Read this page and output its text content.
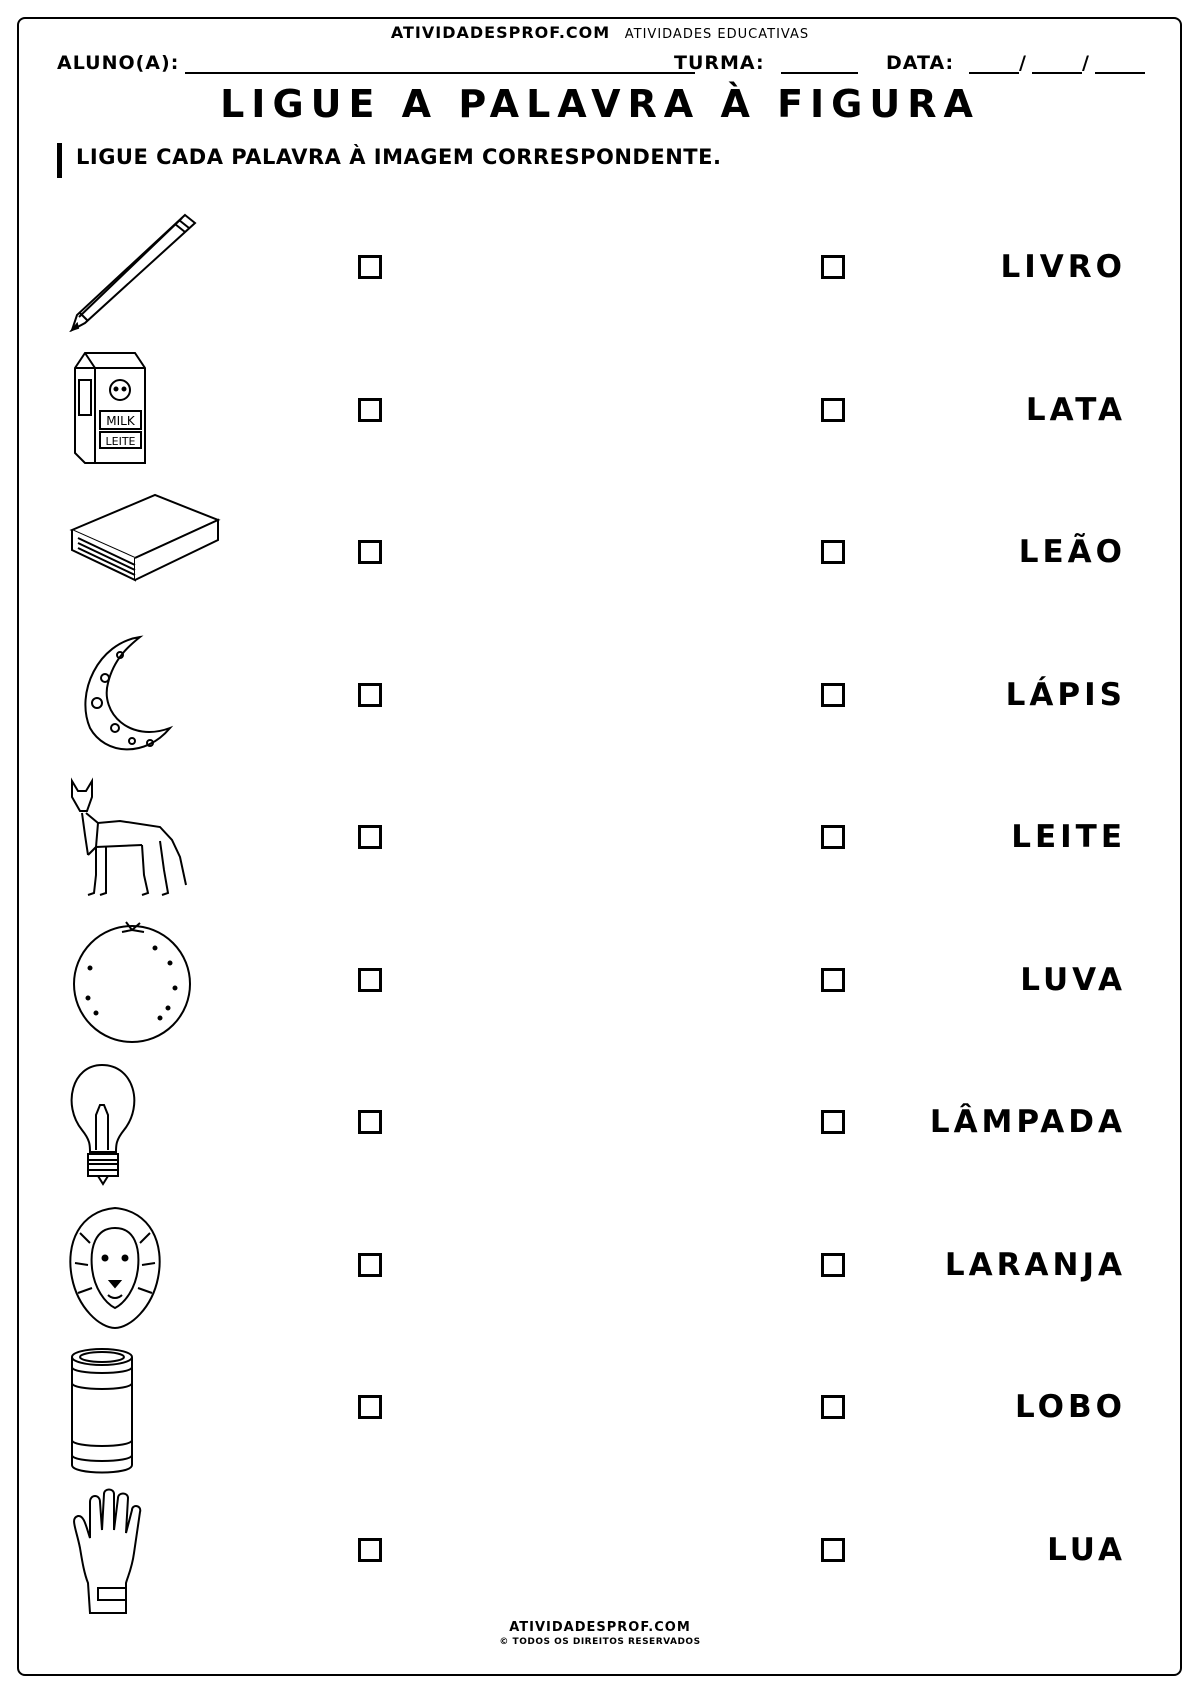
ATIVIDADESPROF.COM ATIVIDADES EDUCATIVAS
ALUNO(A):	TURMA:	DATA:	/	/
LIGUE A PALAVRA À FIGURA
LIGUE CADA PALAVRA À IMAGEM CORRESPONDENTE.
LIVRO
MILK
LEITE
LATA
LEÃO
LÁPIS
LEITE
LUVA
LÂMPADA
LARANJA
LOBO
LUA
ATIVIDADESPROF.COM
© TODOS OS DIREITOS RESERVADOS
